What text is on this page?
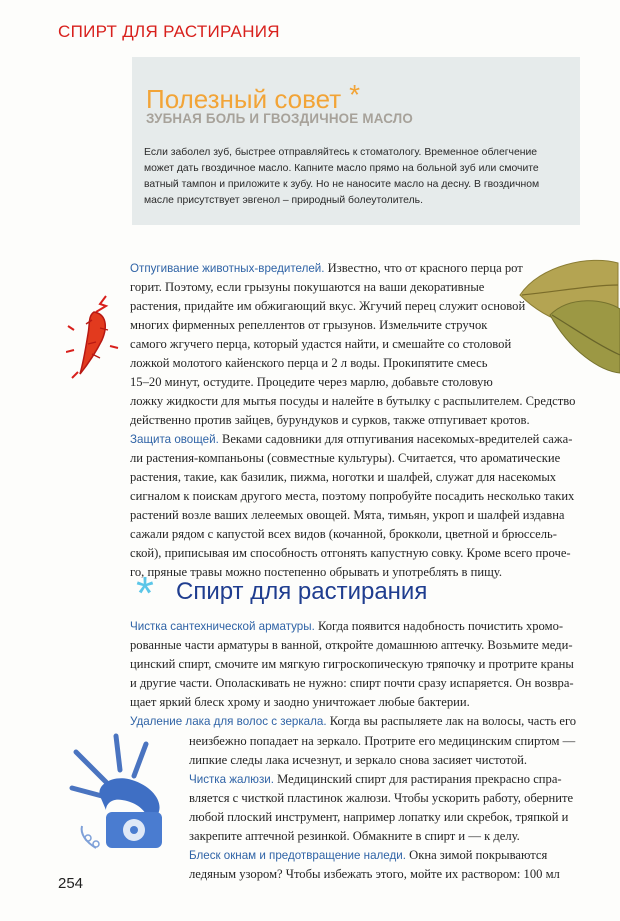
СПИРТ ДЛЯ РАСТИРАНИЯ
Полезный совет *
ЗУБНАЯ БОЛЬ И ГВОЗДИЧНОЕ МАСЛО
Если заболел зуб, быстрее отправляйтесь к стоматологу. Временное облегчение
может дать гвоздичное масло. Капните масло прямо на больной зуб или смочите
ватный тампон и приложите к зубу. Но не наносите масло на десну. В гвоздичном
масле присутствует эвгенол – природный болеутолитель.
Отпугивание животных-вредителей. Известно, что от красного перца рот
горит. Поэтому, если грызуны покушаются на ваши декоративные
растения, придайте им обжигающий вкус. Жгучий перец служит основой
многих фирменных репеллентов от грызунов. Измельчите стручок
самого жгучего перца, который удастся найти, и смешайте со столовой
ложкой молотого кайенского перца и 2 л воды. Прокипятите смесь
15–20 минут, остудите. Процедите через марлю, добавьте столовую
ложку жидкости для мытья посуды и налейте в бутылку с распылителем. Средство
действенно против зайцев, бурундуков и сурков, также отпугивает кротов.
Защита овощей. Веками садовники для отпугивания насекомых-вредителей сажа-
ли растения-компаньоны (совместные культуры). Считается, что ароматические
растения, такие, как базилик, пижма, ноготки и шалфей, служат для насекомых
сигналом к поискам другого места, поэтому попробуйте посадить несколько таких
растений возле ваших лелеемых овощей. Мята, тимьян, укроп и шалфей издавна
сажали рядом с капустой всех видов (кочанной, брокколи, цветной и брюссель-
ской), приписывая им способность отгонять капустную совку. Кроме всего проче-
го, пряные травы можно постепенно обрывать и употреблять в пищу.
* Спирт для растирания
Чистка сантехнической арматуры. Когда появится надобность почистить хромо-
рованные части арматуры в ванной, откройте домашнюю аптечку. Возьмите меди-
цинский спирт, смочите им мягкую гигроскопическую тряпочку и протрите краны
и другие части. Ополаскивать не нужно: спирт почти сразу испаряется. Он возвра-
щает яркий блеск хрому и заодно уничтожает любые бактерии.
Удаление лака для волос с зеркала. Когда вы распыляете лак на волосы, часть его
неизбежно попадает на зеркало. Протрите его медицинским спиртом —
липкие следы лака исчезнут, и зеркало снова засияет чистотой.
Чистка жалюзи. Медицинский спирт для растирания прекрасно спра-
вляется с чисткой пластинок жалюзи. Чтобы ускорить работу, оберните
любой плоский инструмент, например лопатку или скребок, тряпкой и
закрепите аптечной резинкой. Обмакните в спирт и — к делу.
Блеск окнам и предотвращение наледи. Окна зимой покрываются
ледяным узором? Чтобы избежать этого, мойте их раствором: 100 мл
254
